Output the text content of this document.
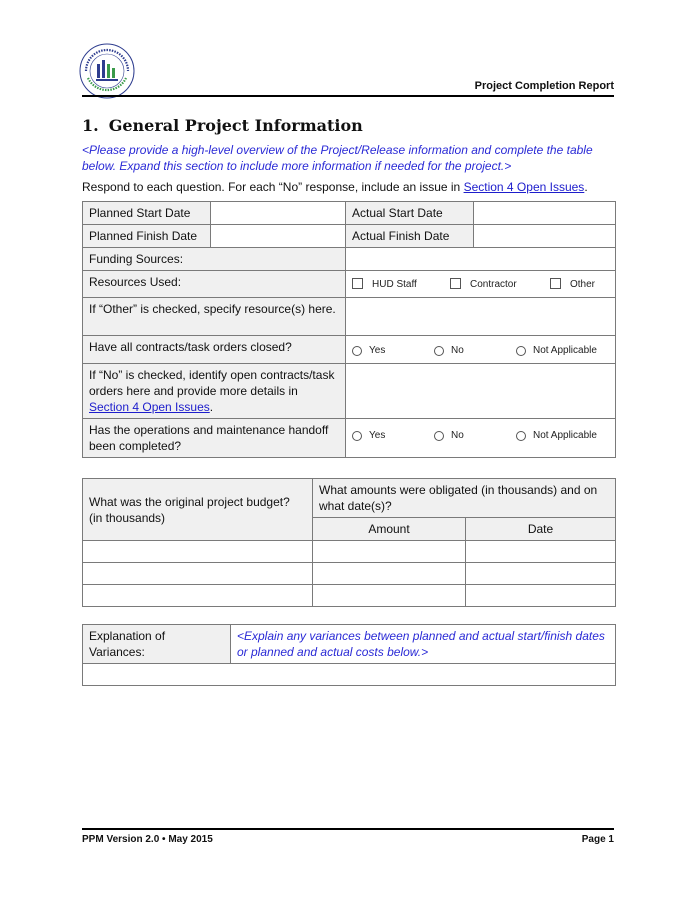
Project Completion Report
1. General Project Information
<Please provide a high-level overview of the Project/Release information and complete the table below. Expand this section to include more information if needed for the project.>
Respond to each question. For each “No” response, include an issue in Section 4 Open Issues.
Planned Start Date		Actual Start Date	
Planned Finish Date		Actual Finish Date	
Funding Sources:			
Resources Used:		HUD Staff Contractor Other	

If “Other” is checked, specify resource(s) here.			
Have all contracts/task orders closed?		Yes No Not Applicable	

If “No” is checked, identify open contracts/task orders here and provide more details in Section 4 Open Issues.			
Has the operations and maintenance handoff been completed?		Yes No Not Applicable	
What was the original project budget? (in thousands)	What amounts were obligated (in thousands) and on what date(s)?	
	Amount	Date

Explanation of Variances:	<Explain any variances between planned and actual start/finish dates or planned and actual costs below.>

PPM Version 2.0 • May 2015	Page 1
